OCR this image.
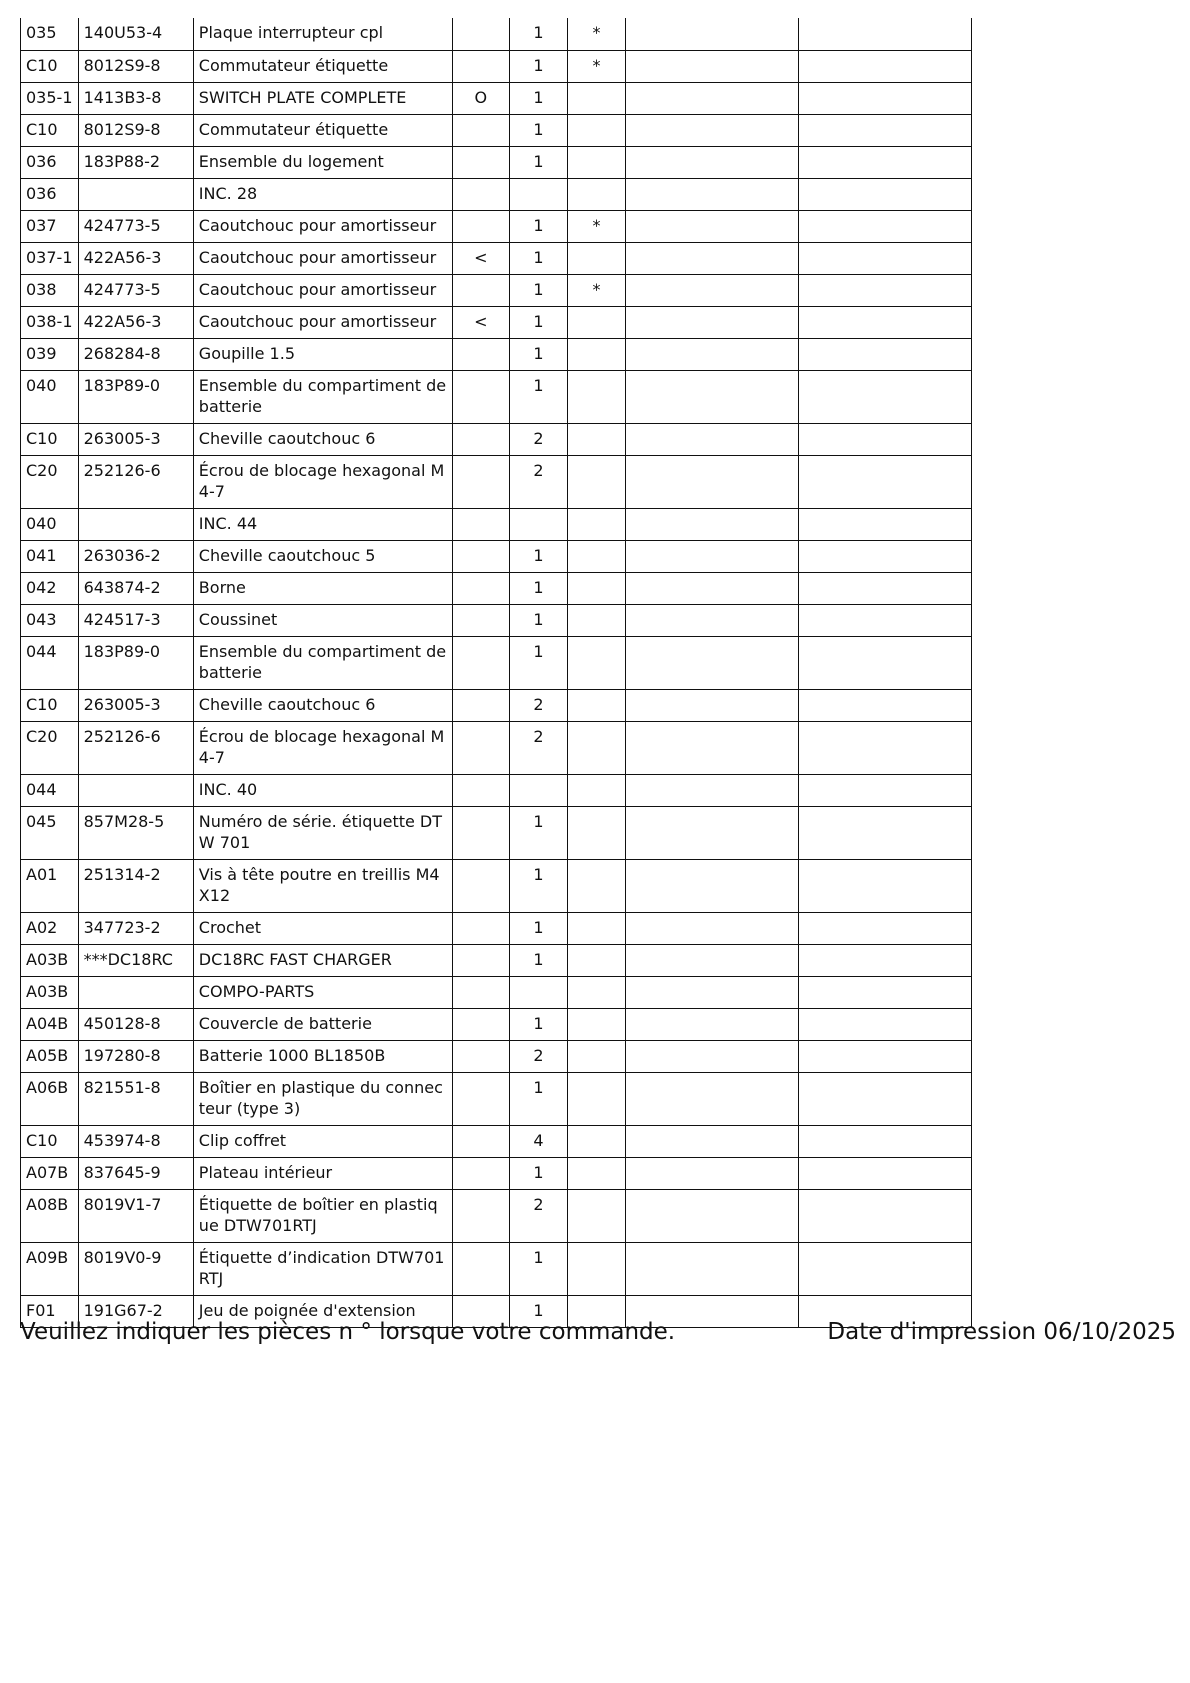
035	140U53-4	Plaque interrupteur cpl		1	*		

C10	8012S9-8	Commutateur étiquette		1	*		

035-1	1413B3-8	SWITCH PLATE COMPLETE	O	1			

C10	8012S9-8	Commutateur étiquette		1			

036	183P88-2	Ensemble du logement		1			

036		INC. 28					

037	424773-5	Caoutchouc pour amortisseur		1	*		

037-1	422A56-3	Caoutchouc pour amortisseur	<	1			

038	424773-5	Caoutchouc pour amortisseur		1	*		

038-1	422A56-3	Caoutchouc pour amortisseur	<	1			

039	268284-8	Goupille 1.5		1			

040	183P89-0	Ensemble du compartiment de batterie		1			

C10	263005-3	Cheville caoutchouc 6		2			

C20	252126-6	Écrou de blocage hexagonal M4-7		2			

040		INC. 44					

041	263036-2	Cheville caoutchouc 5		1			

042	643874-2	Borne		1			

043	424517-3	Coussinet		1			

044	183P89-0	Ensemble du compartiment de batterie		1			

C10	263005-3	Cheville caoutchouc 6		2			

C20	252126-6	Écrou de blocage hexagonal M4-7		2			

044		INC. 40					

045	857M28-5	Numéro de série. étiquette DTW 701		1			

A01	251314-2	Vis à tête poutre en treillis M4X12		1			

A02	347723-2	Crochet		1			

A03B	***DC18RC	DC18RC FAST CHARGER		1			

A03B		COMPO-PARTS					

A04B	450128-8	Couvercle de batterie		1			

A05B	197280-8	Batterie 1000 BL1850B		2			

A06B	821551-8	Boîtier en plastique du connecteur (type 3)		1			

C10	453974-8	Clip coffret		4			

A07B	837645-9	Plateau intérieur		1			

A08B	8019V1-7	Étiquette de boîtier en plastique DTW701RTJ		2			

A09B	8019V0-9	Étiquette d’indication DTW701RTJ		1			

F01	191G67-2	Jeu de poignée d'extension		1			

Veuillez indiquer les pièces n ° lorsque votre commande.	Date d'impression 06/10/2025
